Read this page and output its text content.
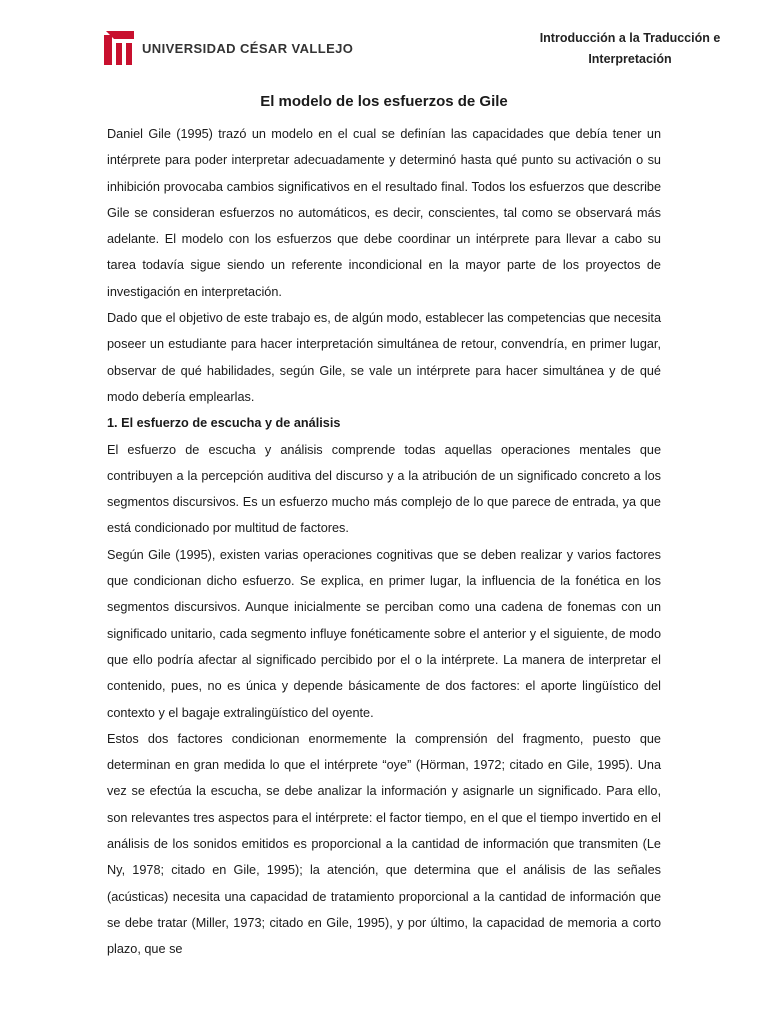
UNIVERSIDAD CÉSAR VALLEJO
Introducción a la Traducción e
Interpretación
El modelo de los esfuerzos de Gile

Daniel Gile (1995) trazó un modelo en el cual se definían las capacidades que debía tener un intérprete para poder interpretar adecuadamente y determinó hasta qué punto su activación o su inhibición provocaba cambios significativos en el resultado final. Todos los esfuerzos que describe Gile se consideran esfuerzos no automáticos, es decir, conscientes, tal como se observará más adelante. El modelo con los esfuerzos que debe coordinar un intérprete para llevar a cabo su tarea todavía sigue siendo un referente incondicional en la mayor parte de los proyectos de investigación en interpretación.

Dado que el objetivo de este trabajo es, de algún modo, establecer las competencias que necesita poseer un estudiante para hacer interpretación simultánea de retour, convendría, en primer lugar, observar de qué habilidades, según Gile, se vale un intérprete para hacer simultánea y de qué modo debería emplearlas.

1. El esfuerzo de escucha y de análisis

El esfuerzo de escucha y análisis comprende todas aquellas operaciones mentales que contribuyen a la percepción auditiva del discurso y a la atribución de un significado concreto a los segmentos discursivos. Es un esfuerzo mucho más complejo de lo que parece de entrada, ya que está condicionado por multitud de factores.

Según Gile (1995), existen varias operaciones cognitivas que se deben realizar y varios factores que condicionan dicho esfuerzo. Se explica, en primer lugar, la influencia de la fonética en los segmentos discursivos. Aunque inicialmente se perciban como una cadena de fonemas con un significado unitario, cada segmento influye fonéticamente sobre el anterior y el siguiente, de modo que ello podría afectar al significado percibido por el o la intérprete. La manera de interpretar el contenido, pues, no es única y depende básicamente de dos factores: el aporte lingüístico del contexto y el bagaje extralingüístico del oyente.

Estos dos factores condicionan enormemente la comprensión del fragmento, puesto que determinan en gran medida lo que el intérprete “oye” (Hörman, 1972; citado en Gile, 1995). Una vez se efectúa la escucha, se debe analizar la información y asignarle un significado. Para ello, son relevantes tres aspectos para el intérprete: el factor tiempo, en el que el tiempo invertido en el análisis de los sonidos emitidos es proporcional a la cantidad de información que transmiten (Le Ny, 1978; citado en Gile, 1995); la atención, que determina que el análisis de las señales (acústicas) necesita una capacidad de tratamiento proporcional a la cantidad de información que se debe tratar (Miller, 1973; citado en Gile, 1995), y por último, la capacidad de memoria a corto plazo, que se
